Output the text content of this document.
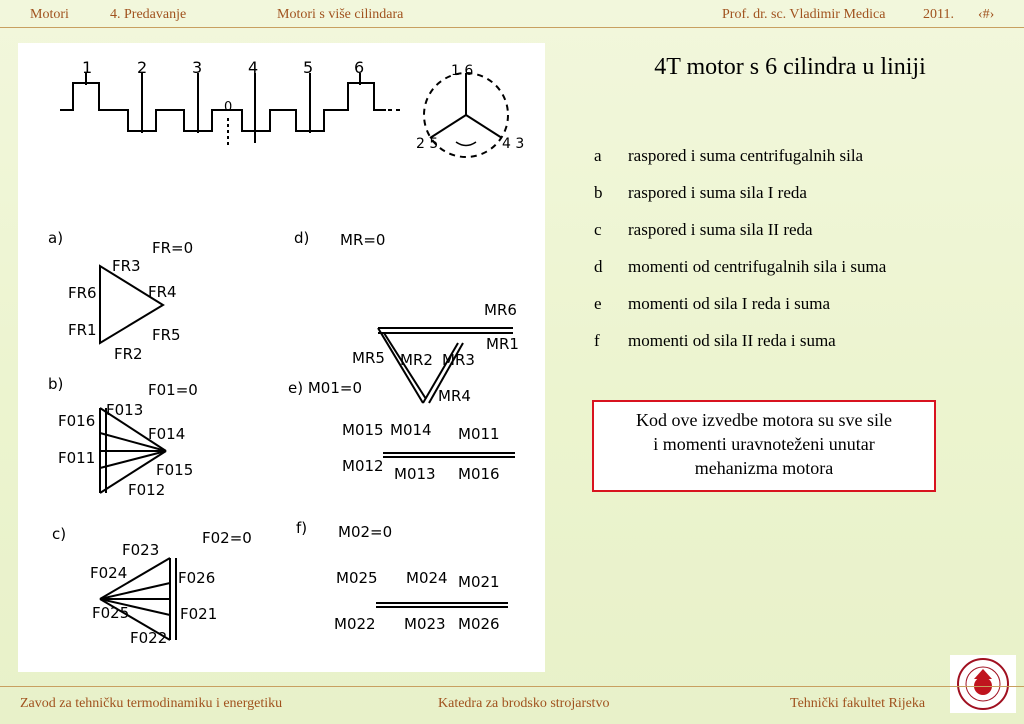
Motori	4. Predavanje	Motori s više cilindara	Prof. dr. sc. Vladimir Medica	2011. ‹#›
1	2	3	4	5	6
0
1 6
2 5	4 3
a)
FR=0
FR3
FR4
FR6
FR1	FR5
FR2
b)	F01=0
F013
F016
F014
F011
F015
F012
c)	F02=0
F023
F024	F026
F025	F021
F022
d) MR=0
MR6
MR1
MR5 MR2 MR3
MR4
e) M01=0
M015 M014 M011
M012 M013 M016
f) M02=0
M025 M024 M021
M022 M023 M026
4T motor s 6 cilindra u liniji
a	raspored i suma centrifugalnih sila
b	raspored i suma sila I reda
c	raspored i suma sila II reda
d	momenti od centrifugalnih sila i suma
e	momenti od sila I reda i suma
f	momenti od sila II reda i suma
Kod ove izvedbe motora su sve sile
i momenti uravnoteženi unutar
mehanizma motora
Zavod za tehničku termodinamiku i energetiku	Katedra za brodsko strojarstvo	Tehnički fakultet Rijeka
